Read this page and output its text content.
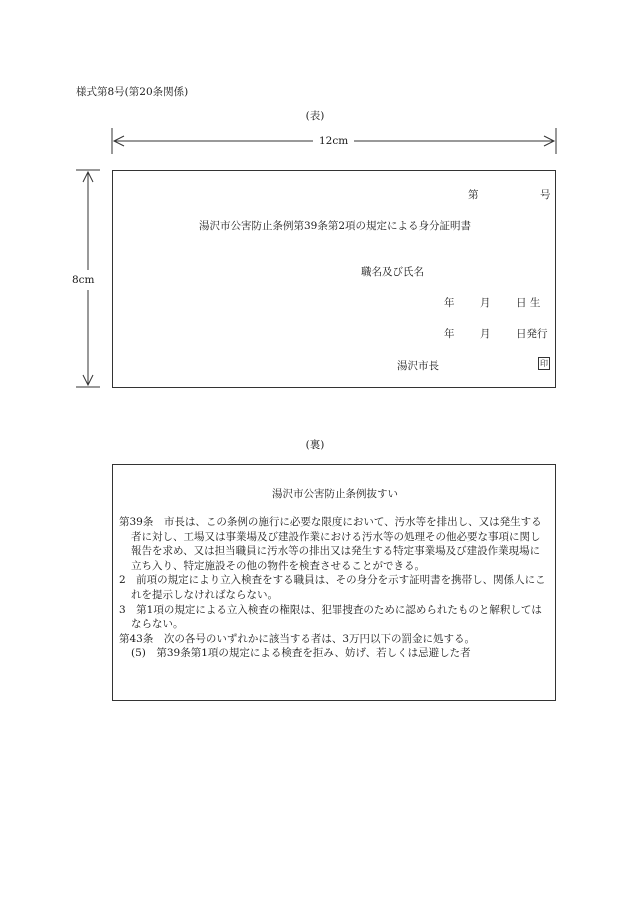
様式第8号(第20条関係)
(表)
12cm
8cm
第	号
湯沢市公害防止条例第39条第2項の規定による身分証明書
職名及び氏名
年 月 日 生
年 月 日発行
湯沢市長	印
(裏)
湯沢市公害防止条例抜すい

第39条　市長は、この条例の施行に必要な限度において、汚水等を排出し、又は発生する者に対し、工場又は事業場及び建設作業における汚水等の処理その他必要な事項に関し報告を求め、又は担当職員に汚水等の排出又は発生する特定事業場及び建設作業現場に立ち入り、特定施設その他の物件を検査させることができる。

2　前項の規定により立入検査をする職員は、その身分を示す証明書を携帯し、関係人にこれを提示しなければならない。

3　第1項の規定による立入検査の権限は、犯罪捜査のために認められたものと解釈してはならない。

第43条　次の各号のいずれかに該当する者は、3万円以下の罰金に処する。

(5)　第39条第1項の規定による検査を拒み、妨げ、若しくは忌避した者
